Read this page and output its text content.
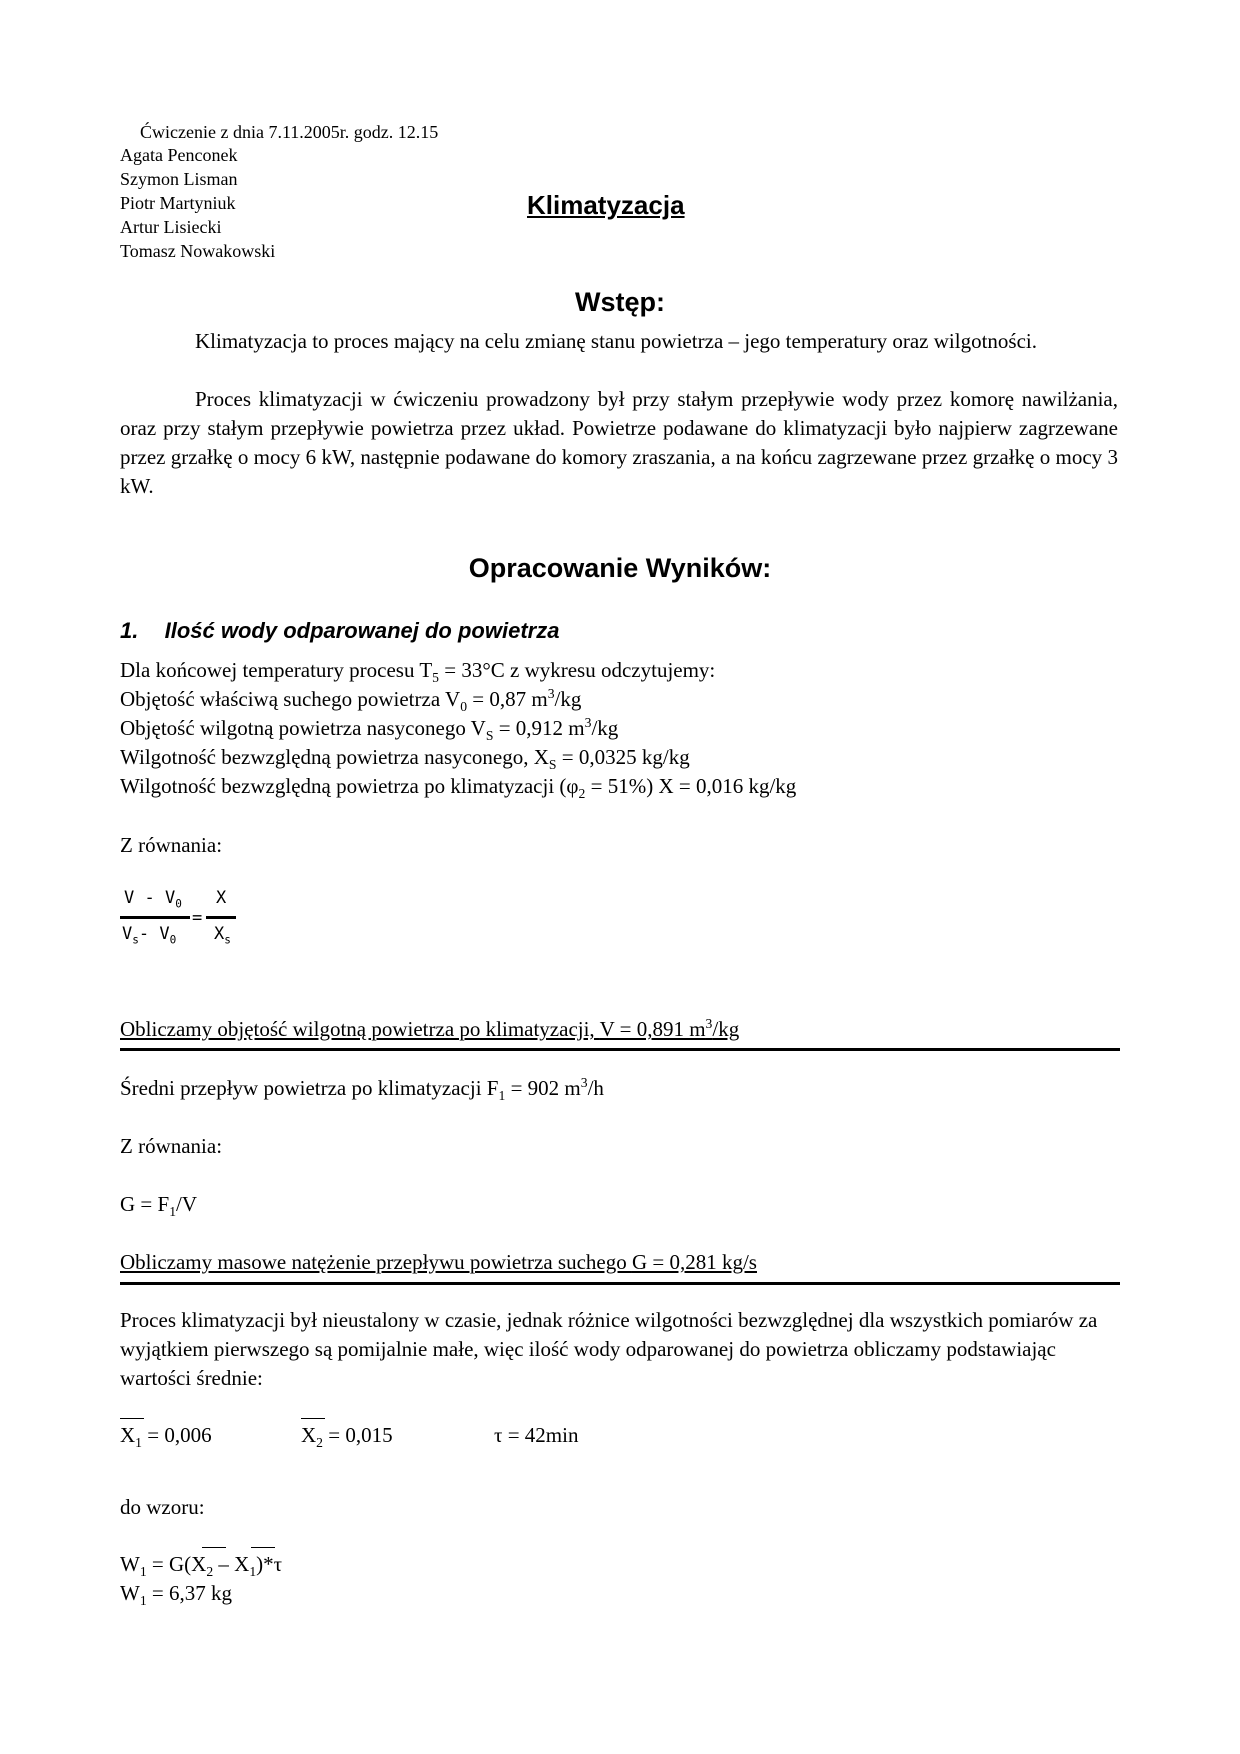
Ćwiczenie z dnia 7.11.2005r. godz. 12.15
Agata Penconek
Szymon Lisman
Piotr Martyniuk
Artur Lisiecki
Tomasz Nowakowski
Klimatyzacja
Wstęp:
Klimatyzacja to proces mający na celu zmianę stanu powietrza – jego temperatury oraz wilgotności.
Proces klimatyzacji w ćwiczeniu prowadzony był przy stałym przepływie wody przez komorę nawilżania, oraz przy stałym przepływie powietrza przez układ. Powietrze podawane do klimatyzacji było najpierw zagrzewane przez grzałkę o mocy 6 kW, następnie podawane do komory zraszania, a na końcu zagrzewane przez grzałkę o mocy 3 kW.
Opracowanie Wyników:
1. Ilość wody odparowanej do powietrza
Dla końcowej temperatury procesu $T_5 = 33^\circ C$ z wykresu odczytujemy:
Objętość właściwą suchego powietrza $V_0 = 0,87$ $m^3/kg$
Objętość wilgotną powietrza nasyconego $V_S = 0,912$ $m^3/kg$
Wilgotność bezwzględną powietrza nasyconego, $X_S = 0,0325$ kg/kg
Wilgotność bezwzględną powietrza po klimatyzacji $(\varphi_2 = 51\%) X = 0,016$ kg/kg
Z równania:
V - $V_0$
=
$V_s-$ $V_0$
X
$X_s$
Obliczamy objętość wilgotną powietrza po klimatyzacji, V = 0,891 $m^3/kg$
Średni przepływ powietrza po klimatyzacji $F_1 = 902$ $m^3/h$
Z równania:
$G = F_1/V$
Obliczamy masowe natężenie przepływu powietrza suchego G = 0,281 kg/s
Proces klimatyzacji był nieustalony w czasie, jednak różnice wilgotności bezwzględnej dla wszystkich pomiarów za wyjątkiem pierwszego są pomijalnie małe, więc ilość wody odparowanej do powietrza obliczamy podstawiając wartości średnie:
$X_1 = 0,006$	$X_2 = 0,015$	τ = 42min
do wzoru:
$W_1 = G(X_2 - X_1)*\tau$
$W_1 = 6,37$ kg
